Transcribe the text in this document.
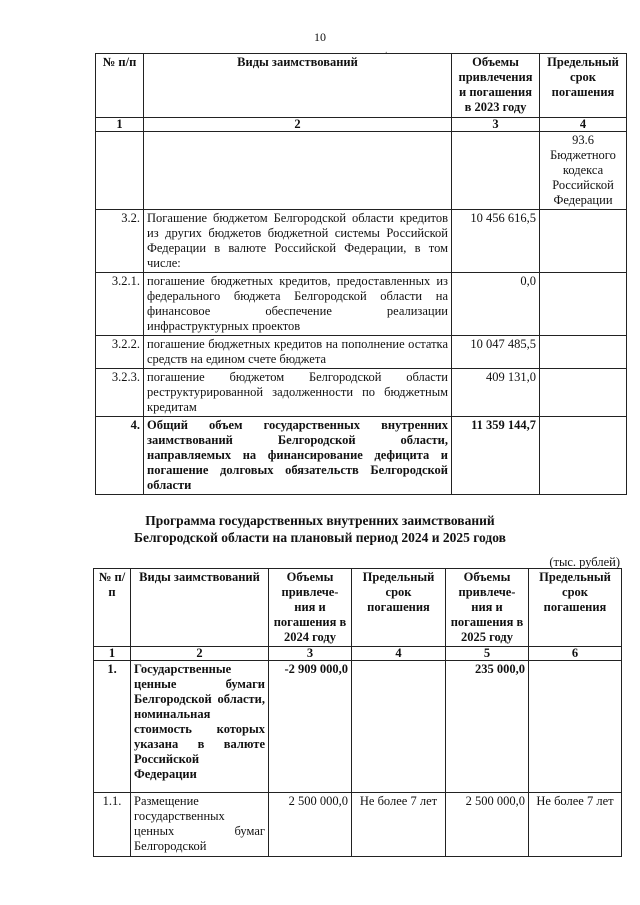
10
.
№ п/п	Виды заимствований	Объемы привлечения и погашения в 2023 году	Предельный срок погашения
1	2	3	4
			93.6 Бюджетного кодекса Российской Федерации
3.2.	Погашение бюджетом Белгородской области кредитов из других бюджетов бюджетной системы Российской Федерации в валюте Российской Федерации, в том числе:	10 456 616,5	
3.2.1.	погашение бюджетных кредитов, предоставленных из федерального бюджета Белгородской области на финансовое обеспечение реализации инфраструктурных проектов	0,0	
3.2.2.	погашение бюджетных кредитов на пополнение остатка средств на едином счете бюджета	10 047 485,5	
3.2.3.	погашение бюджетом Белгородской области реструктурированной задолженности по бюджетным кредитам	409 131,0	
4.	Общий объем государственных внутренних заимствований Белгородской области, направляемых на финансирование дефицита и погашение долговых обязательств Белгородской области	11 359 144,7	
Программа государственных внутренних заимствований
Белгородской области на плановый период 2024 и 2025 годов
(тыс. рублей)
№ п/п	Виды заимствований	Объемы привлече-ния и погашения в 2024 году	Предельный срок погашения	Объемы привлече-ния и погашения в 2025 году	Предельный срок погашения
1	2	3	4	5	6
1.	Государственные ценные бумаги Белгородской области, номинальная стоимость которых указана в валюте Российской Федерации	-2 909 000,0		235 000,0	
1.1.	Размещение государственных ценных бумаг Белгородской	2 500 000,0	Не более 7 лет	2 500 000,0	Не более 7 лет
